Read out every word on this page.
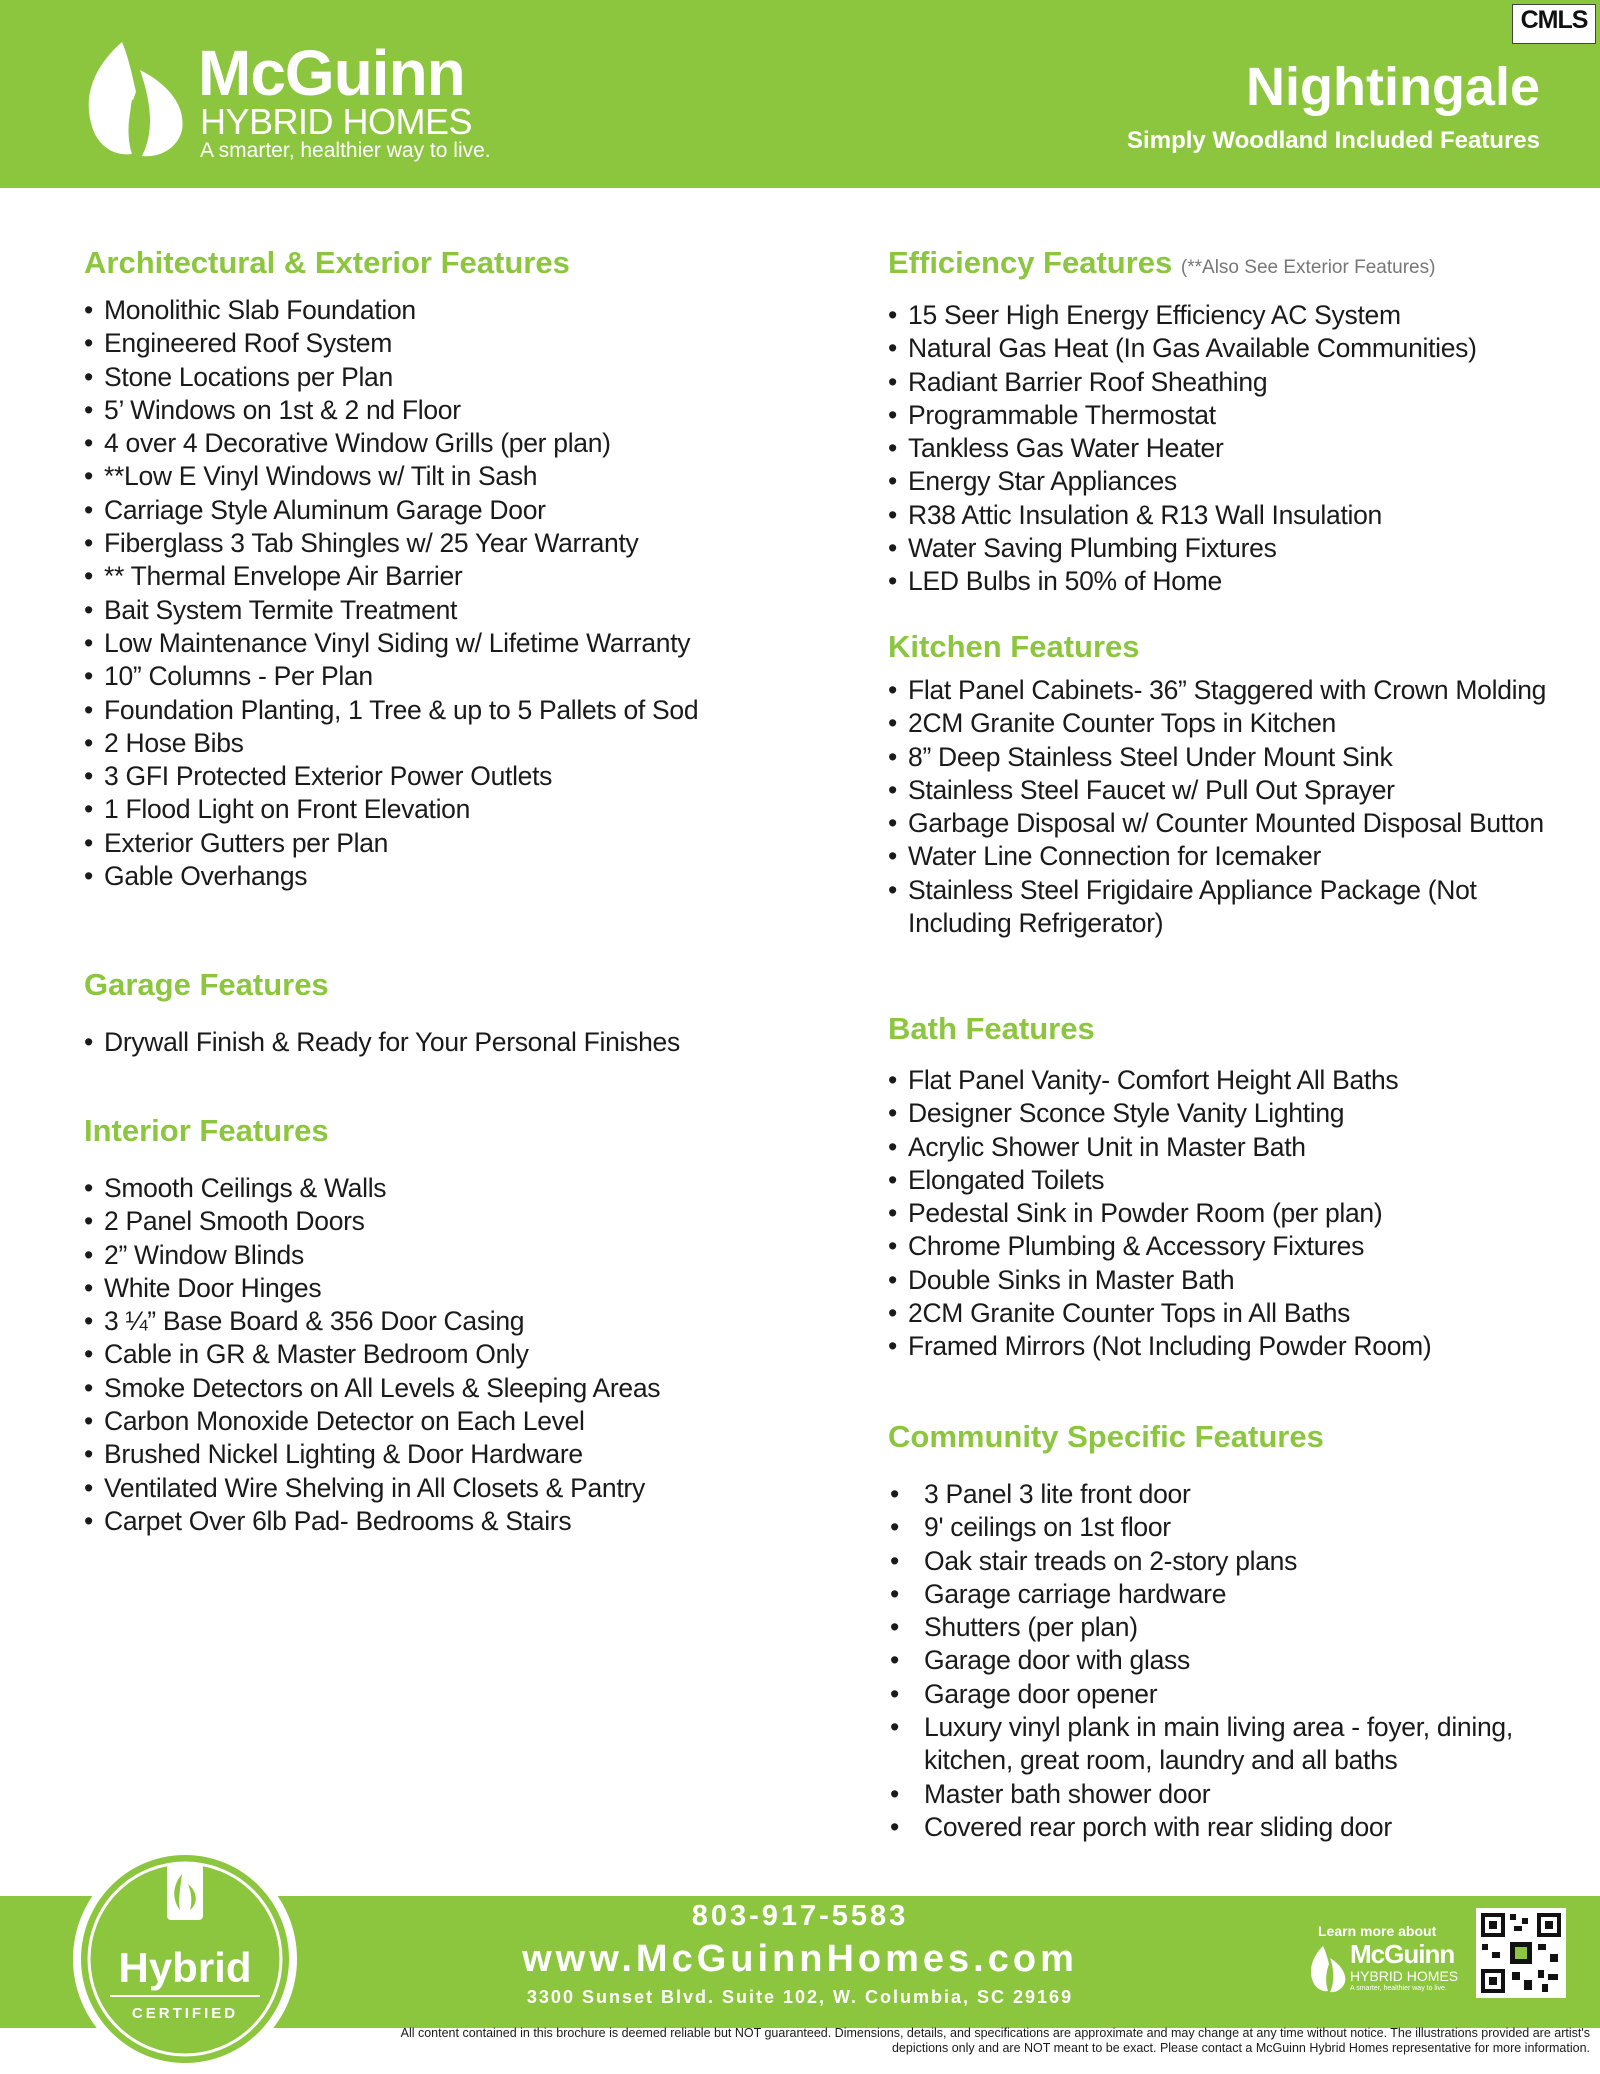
McGuinn
HYBRID HOMES
A smarter, healthier way to live.
CMLS

Nightingale
Simply Woodland Included Features
Architectural & Exterior Features
• Monolithic Slab Foundation
• Engineered Roof System
• Stone Locations per Plan
• 5’ Windows on 1st & 2 nd Floor
• 4 over 4 Decorative Window Grills (per plan)
• **Low E Vinyl Windows w/ Tilt in Sash
• Carriage Style Aluminum Garage Door
• Fiberglass 3 Tab Shingles w/ 25 Year Warranty
• ** Thermal Envelope Air Barrier
• Bait System Termite Treatment
• Low Maintenance Vinyl Siding w/ Lifetime Warranty
• 10” Columns - Per Plan
• Foundation Planting, 1 Tree & up to 5 Pallets of Sod
• 2 Hose Bibs
• 3 GFI Protected Exterior Power Outlets
• 1 Flood Light on Front Elevation
• Exterior Gutters per Plan
• Gable Overhangs
Garage Features
• Drywall Finish & Ready for Your Personal Finishes
Interior Features
• Smooth Ceilings & Walls
• 2 Panel Smooth Doors
• 2” Window Blinds
• White Door Hinges
• 3 ¼” Base Board & 356 Door Casing
• Cable in GR & Master Bedroom Only
• Smoke Detectors on All Levels & Sleeping Areas
• Carbon Monoxide Detector on Each Level
• Brushed Nickel Lighting & Door Hardware
• Ventilated Wire Shelving in All Closets & Pantry
• Carpet Over 6lb Pad- Bedrooms & Stairs
Efficiency Features (**Also See Exterior Features)
• 15 Seer High Energy Efficiency AC System
• Natural Gas Heat (In Gas Available Communities)
• Radiant Barrier Roof Sheathing
• Programmable Thermostat
• Tankless Gas Water Heater
• Energy Star Appliances
• R38 Attic Insulation & R13 Wall Insulation
• Water Saving Plumbing Fixtures
• LED Bulbs in 50% of Home
Kitchen Features
• Flat Panel Cabinets- 36” Staggered with Crown Molding
• 2CM Granite Counter Tops in Kitchen
• 8” Deep Stainless Steel Under Mount Sink
• Stainless Steel Faucet w/ Pull Out Sprayer
• Garbage Disposal w/ Counter Mounted Disposal Button
• Water Line Connection for Icemaker
• Stainless Steel Frigidaire Appliance Package (Not Including Refrigerator)
Bath Features
• Flat Panel Vanity- Comfort Height All Baths
• Designer Sconce Style Vanity Lighting
• Acrylic Shower Unit in Master Bath
• Elongated Toilets
• Pedestal Sink in Powder Room (per plan)
• Chrome Plumbing & Accessory Fixtures
• Double Sinks in Master Bath
• 2CM Granite Counter Tops in All Baths
• Framed Mirrors (Not Including Powder Room)
Community Specific Features
• 3 Panel 3 lite front door
• 9' ceilings on 1st floor
• Oak stair treads on 2-story plans
• Garage carriage hardware
• Shutters (per plan)
• Garage door with glass
• Garage door opener
• Luxury vinyl plank in main living area - foyer, dining, kitchen, great room, laundry and all baths
• Master bath shower door
• Covered rear porch with rear sliding door
803-917-5583
www.McGuinnHomes.com
3300 Sunset Blvd. Suite 102, W. Columbia, SC 29169
Hybrid
CERTIFIED
Learn more about
McGuinn
HYBRID HOMES
A smarter, healthier way to live.
All content contained in this brochure is deemed reliable but NOT guaranteed. Dimensions, details, and specifications are approximate and may change at any time without notice. The illustrations provided are artist's depictions only and are NOT meant to be exact. Please contact a McGuinn Hybrid Homes representative for more information.
